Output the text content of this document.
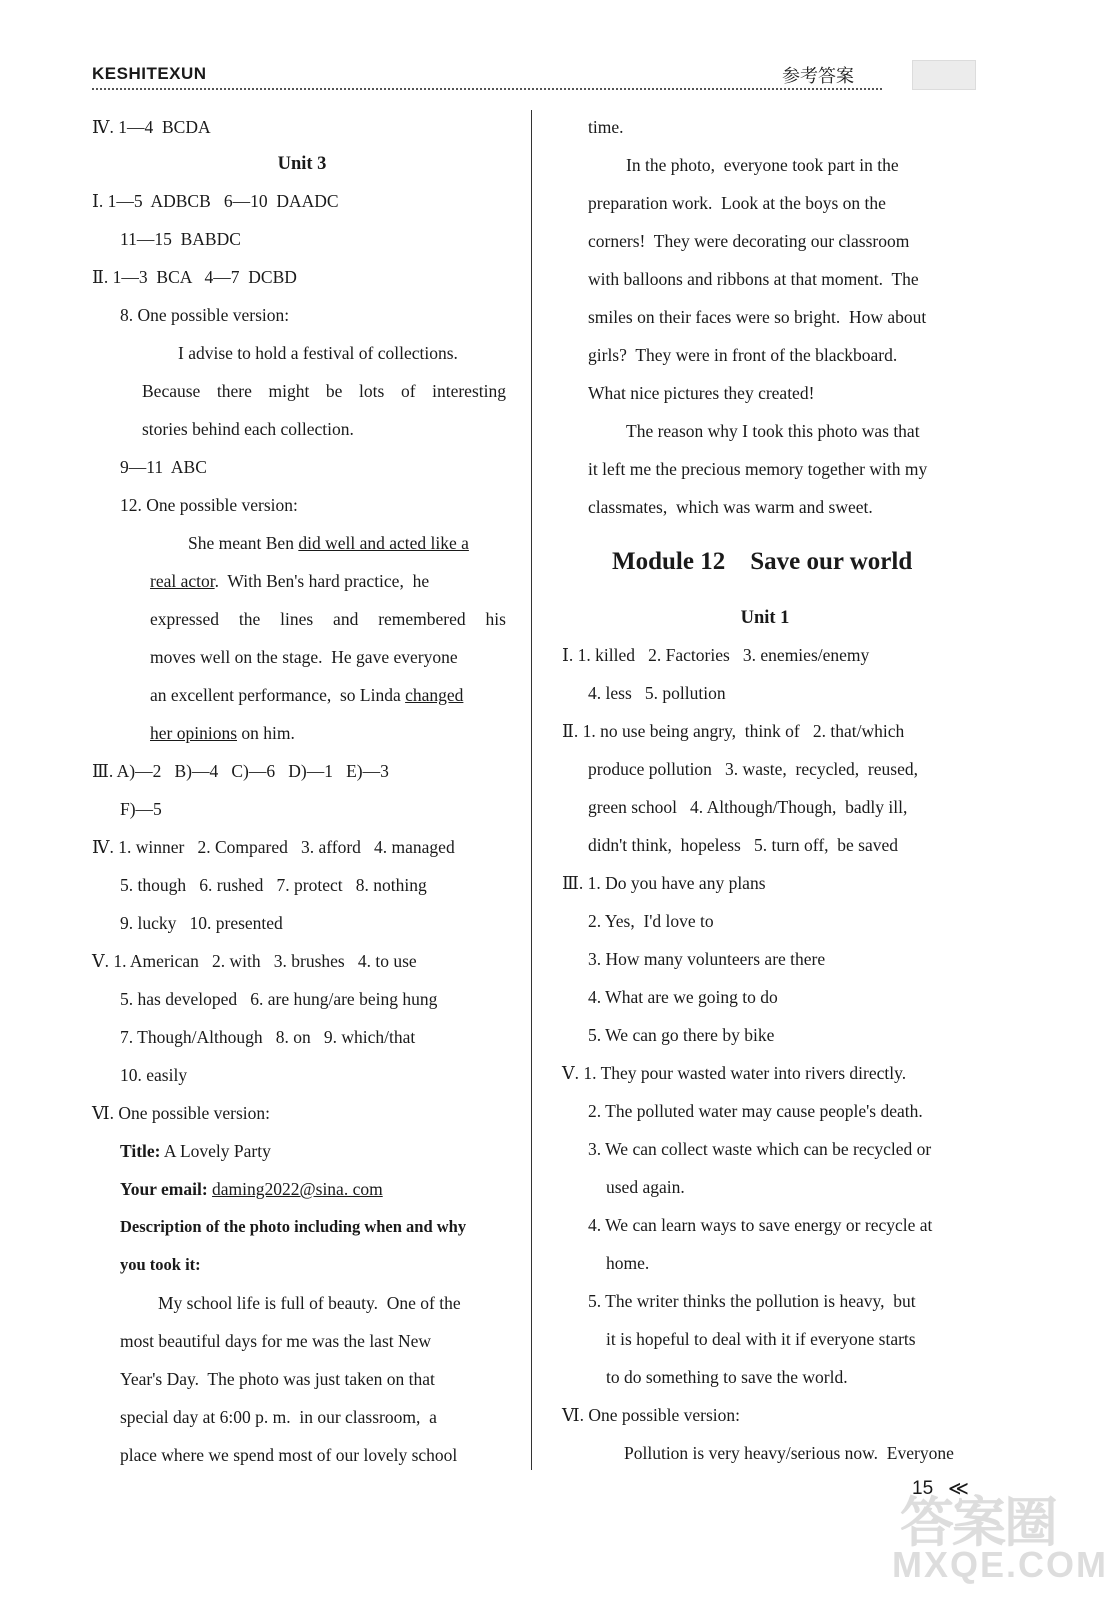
KESHITEXUN	参考答案
Ⅳ. 1—4  BCDA
Unit 3
Ⅰ. 1—5  ADBCB   6—10  DAADC
11—15  BABDC
Ⅱ. 1—3  BCA   4—7  DCBD
8. One possible version:
I advise to hold a festival of collections.
Because there might be lots of interesting
stories behind each collection.
9—11  ABC
12. One possible version:
She meant Ben did well and acted like a
real actor.  With Ben's hard practice,  he
expressed the lines and remembered his
moves well on the stage.  He gave everyone
an excellent performance,  so Linda changed
her opinions on him.
Ⅲ. A)—2   B)—4   C)—6   D)—1   E)—3
F)—5
Ⅳ. 1. winner   2. Compared   3. afford   4. managed
5. though   6. rushed   7. protect   8. nothing
9. lucky   10. presented
Ⅴ. 1. American   2. with   3. brushes   4. to use
5. has developed   6. are hung/are being hung
7. Though/Although   8. on   9. which/that
10. easily
Ⅵ. One possible version:
Title: A Lovely Party
Your email: daming2022@sina. com
Description of the photo including when and why
you took it:
My school life is full of beauty.  One of the
most beautiful days for me was the last New
Year's Day.  The photo was just taken on that
special day at 6:00 p. m.  in our classroom,  a
place where we spend most of our lovely school
time.
In the photo,  everyone took part in the
preparation work.  Look at the boys on the
corners!  They were decorating our classroom
with balloons and ribbons at that moment.  The
smiles on their faces were so bright.  How about
girls?  They were in front of the blackboard.
What nice pictures they created!
The reason why I took this photo was that
it left me the precious memory together with my
classmates,  which was warm and sweet.
Module 12    Save our world
Unit 1
Ⅰ. 1. killed   2. Factories   3. enemies/enemy
4. less   5. pollution
Ⅱ. 1. no use being angry,  think of   2. that/which
produce pollution   3. waste,  recycled,  reused,
green school   4. Although/Though,  badly ill,
didn't think,  hopeless   5. turn off,  be saved
Ⅲ. 1. Do you have any plans
2. Yes,  I'd love to
3. How many volunteers are there
4. What are we going to do
5. We can go there by bike
Ⅴ. 1. They pour wasted water into rivers directly.
2. The polluted water may cause people's death.
3. We can collect waste which can be recycled or
used again.
4. We can learn ways to save energy or recycle at
home.
5. The writer thinks the pollution is heavy,  but
it is hopeful to deal with it if everyone starts
to do something to save the world.
Ⅵ. One possible version:
Pollution is very heavy/serious now.  Everyone
答案圈
MXQE.COM
15 ≪
